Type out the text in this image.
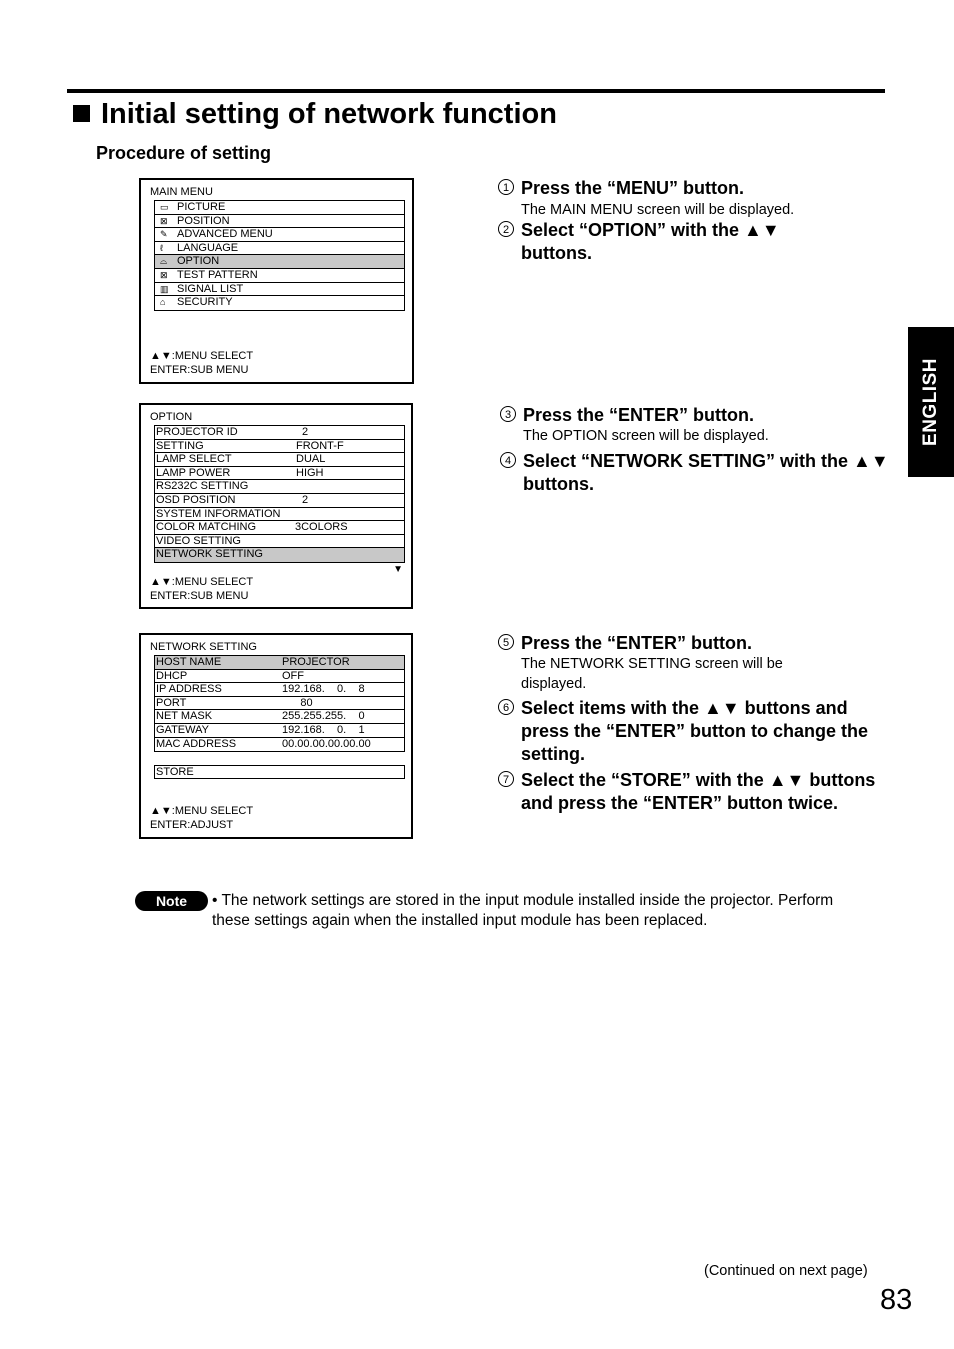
Initial setting of network function
Procedure of setting
ENGLISH
MAIN MENU
▭ PICTURE
⊠ POSITION
✎ ADVANCED MENU
ℓ LANGUAGE
⌓ OPTION
⊠ TEST PATTERN
▥ SIGNAL LIST
⌂ SECURITY
▲▼:MENU SELECT
ENTER:SUB MENU
OPTION
PROJECTOR ID	2
SETTING	FRONT-F
LAMP SELECT	DUAL
LAMP POWER	HIGH
RS232C SETTING
OSD POSITION	2
SYSTEM INFORMATION
COLOR MATCHING	3COLORS
VIDEO SETTING
NETWORK SETTING
▼
▲▼:MENU SELECT
ENTER:SUB MENU
NETWORK SETTING
HOST NAME	PROJECTOR
DHCP	OFF
IP ADDRESS	192.168.    0.    8
PORT	80
NET MASK	255.255.255.    0
GATEWAY	192.168.    0.    1
MAC ADDRESS	00.00.00.00.00.00
STORE
▲▼:MENU SELECT
ENTER:ADJUST
1 Press the “MENU” button.
The MAIN MENU screen will be displayed.
2 Select “OPTION” with the ▲▼ buttons.
3 Press the “ENTER” button.
The OPTION screen will be displayed.
4 Select “NETWORK SETTING” with the ▲▼ buttons.
5 Press the “ENTER” button.
The NETWORK SETTING screen will be displayed.
6 Select items with the ▲▼ buttons and press the “ENTER” button to change the setting.
7 Select the “STORE” with the ▲▼ buttons and press the “ENTER” button twice.
Note	• The network settings are stored in the input module installed inside the projector. Perform these settings again when the installed input module has been replaced.
(Continued on next page)
83
